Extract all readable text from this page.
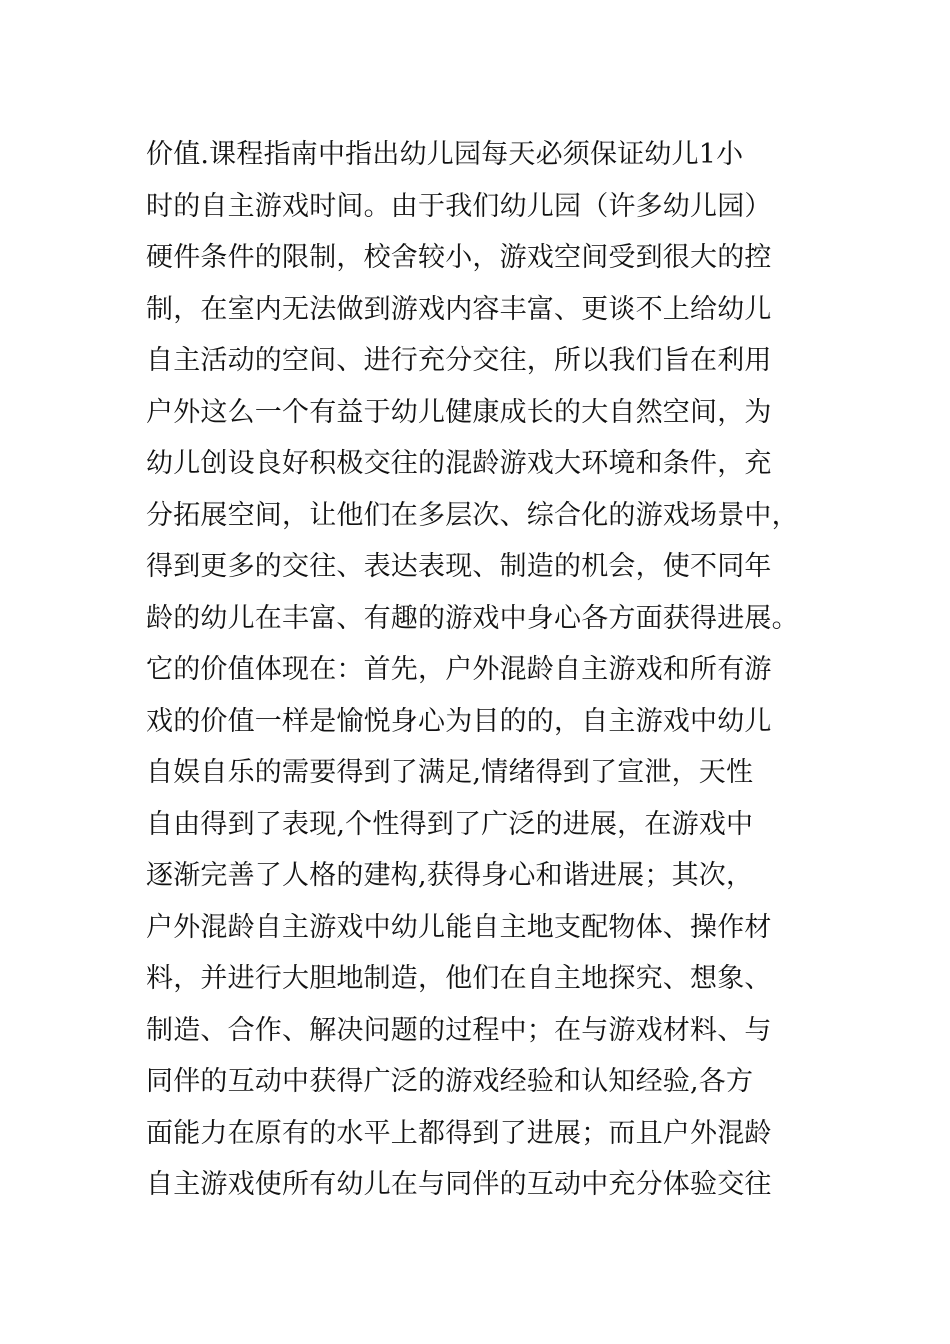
价值.课程指南中指出幼儿园每天必须保证幼儿1小
时的自主游戏时间。由于我们幼儿园（许多幼儿园）
硬件条件的限制，校舍较小，游戏空间受到很大的控
制，在室内无法做到游戏内容丰富、更谈不上给幼儿
自主活动的空间、进行充分交往，所以我们旨在利用
户外这么一个有益于幼儿健康成长的大自然空间，为
幼儿创设良好积极交往的混龄游戏大环境和条件，充
分拓展空间，让他们在多层次、综合化的游戏场景中，
得到更多的交往、表达表现、制造的机会，使不同年
龄的幼儿在丰富、有趣的游戏中身心各方面获得进展。
它的价值体现在：首先，户外混龄自主游戏和所有游
戏的价值一样是愉悦身心为目的的，自主游戏中幼儿
自娱自乐的需要得到了满足,情绪得到了宣泄，天性
自由得到了表现,个性得到了广泛的进展，在游戏中
逐渐完善了人格的建构,获得身心和谐进展；其次，
户外混龄自主游戏中幼儿能自主地支配物体、操作材
料，并进行大胆地制造，他们在自主地探究、想象、
制造、合作、解决问题的过程中；在与游戏材料、与
同伴的互动中获得广泛的游戏经验和认知经验,各方
面能力在原有的水平上都得到了进展；而且户外混龄
自主游戏使所有幼儿在与同伴的互动中充分体验交往
